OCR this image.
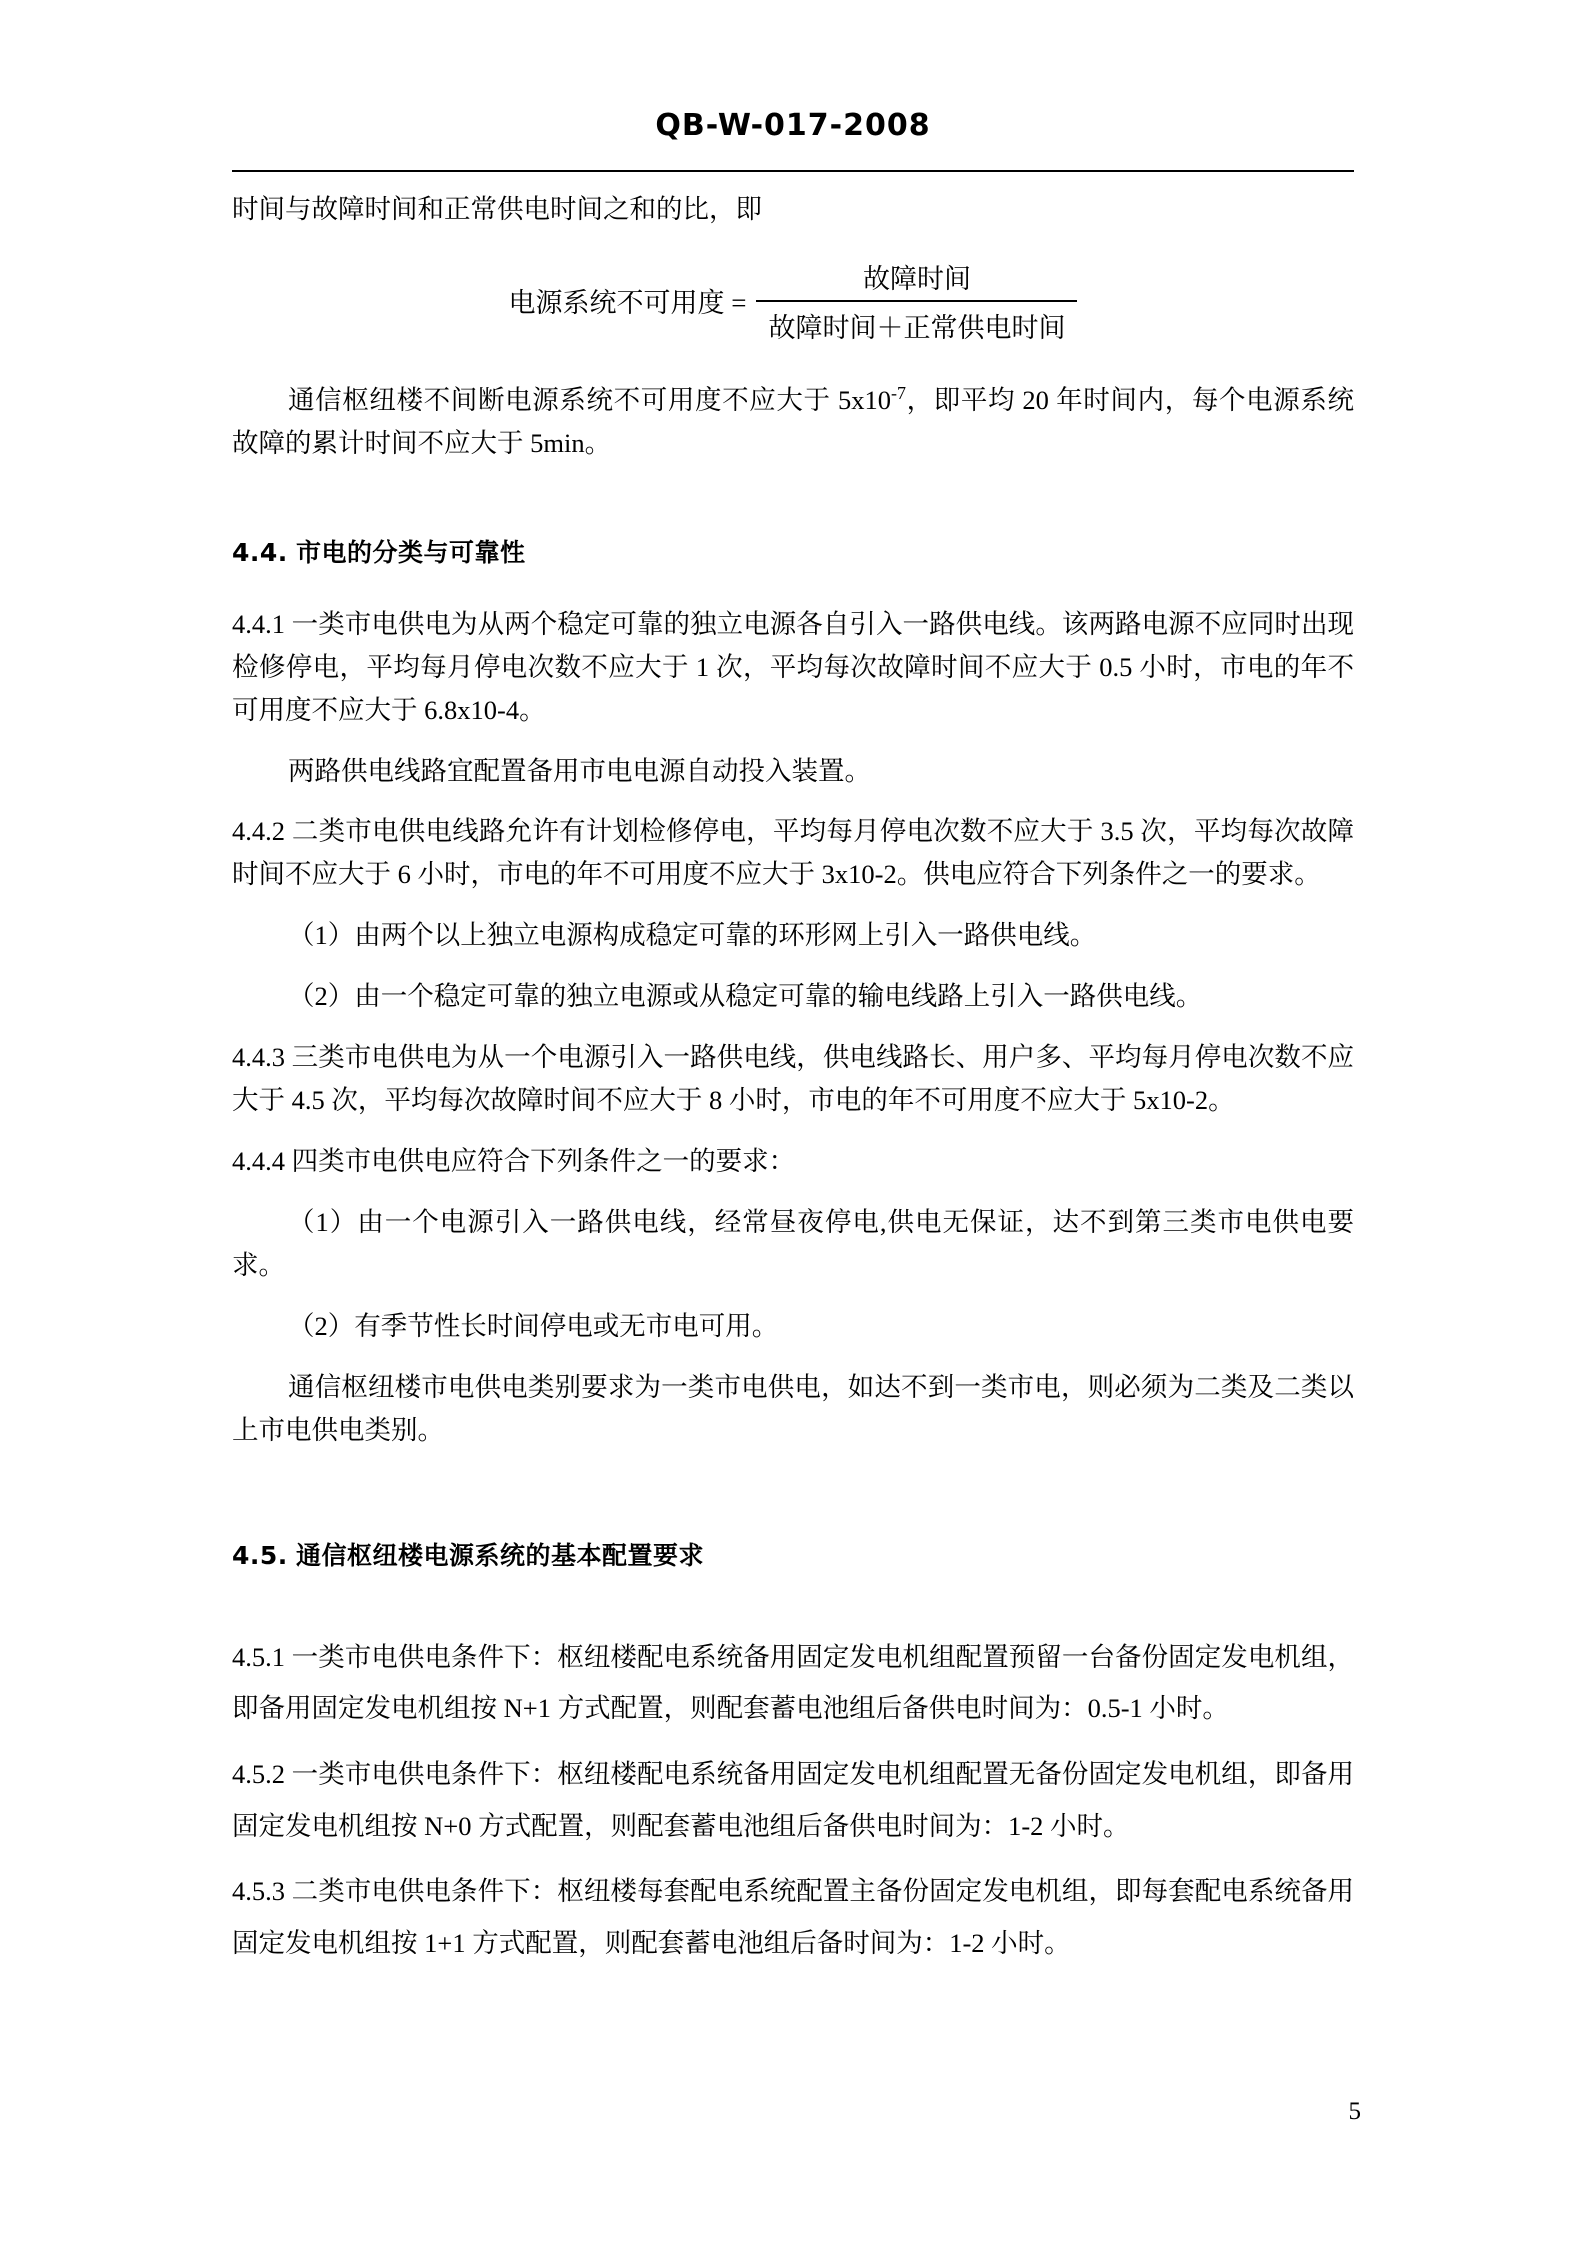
QB-W-017-2008

时间与故障时间和正常供电时间之和的比，即

电源系统不可用度 = $\frac{\text{故障时间}}{\text{故障时间＋正常供电时间}}$

通信枢纽楼不间断电源系统不可用度不应大于 $5x10^{-7}$，即平均 20 年时间内，每个电源系统故障的累计时间不应大于 5min。

4.4. 市电的分类与可靠性

4.4.1 一类市电供电为从两个稳定可靠的独立电源各自引入一路供电线。该两路电源不应同时出现检修停电，平均每月停电次数不应大于 1 次，平均每次故障时间不应大于 0.5 小时，市电的年不可用度不应大于 6.8x10-4。

两路供电线路宜配置备用市电电源自动投入装置。

4.4.2 二类市电供电线路允许有计划检修停电，平均每月停电次数不应大于 3.5 次，平均每次故障时间不应大于 6 小时，市电的年不可用度不应大于 3x10-2。供电应符合下列条件之一的要求。

（1）由两个以上独立电源构成稳定可靠的环形网上引入一路供电线。

（2）由一个稳定可靠的独立电源或从稳定可靠的输电线路上引入一路供电线。

4.4.3 三类市电供电为从一个电源引入一路供电线，供电线路长、用户多、平均每月停电次数不应大于 4.5 次，平均每次故障时间不应大于 8 小时，市电的年不可用度不应大于 5x10-2。

4.4.4 四类市电供电应符合下列条件之一的要求：

（1）由一个电源引入一路供电线，经常昼夜停电,供电无保证，达不到第三类市电供电要求。

（2）有季节性长时间停电或无市电可用。

通信枢纽楼市电供电类别要求为一类市电供电，如达不到一类市电，则必须为二类及二类以上市电供电类别。

4.5. 通信枢纽楼电源系统的基本配置要求

4.5.1 一类市电供电条件下：枢纽楼配电系统备用固定发电机组配置预留一台备份固定发电机组，即备用固定发电机组按 N+1 方式配置，则配套蓄电池组后备供电时间为：0.5-1 小时。

4.5.2 一类市电供电条件下：枢纽楼配电系统备用固定发电机组配置无备份固定发电机组，即备用固定发电机组按 N+0 方式配置，则配套蓄电池组后备供电时间为：1-2 小时。

4.5.3 二类市电供电条件下：枢纽楼每套配电系统配置主备份固定发电机组，即每套配电系统备用固定发电机组按 1+1 方式配置，则配套蓄电池组后备时间为：1-2 小时。

5
